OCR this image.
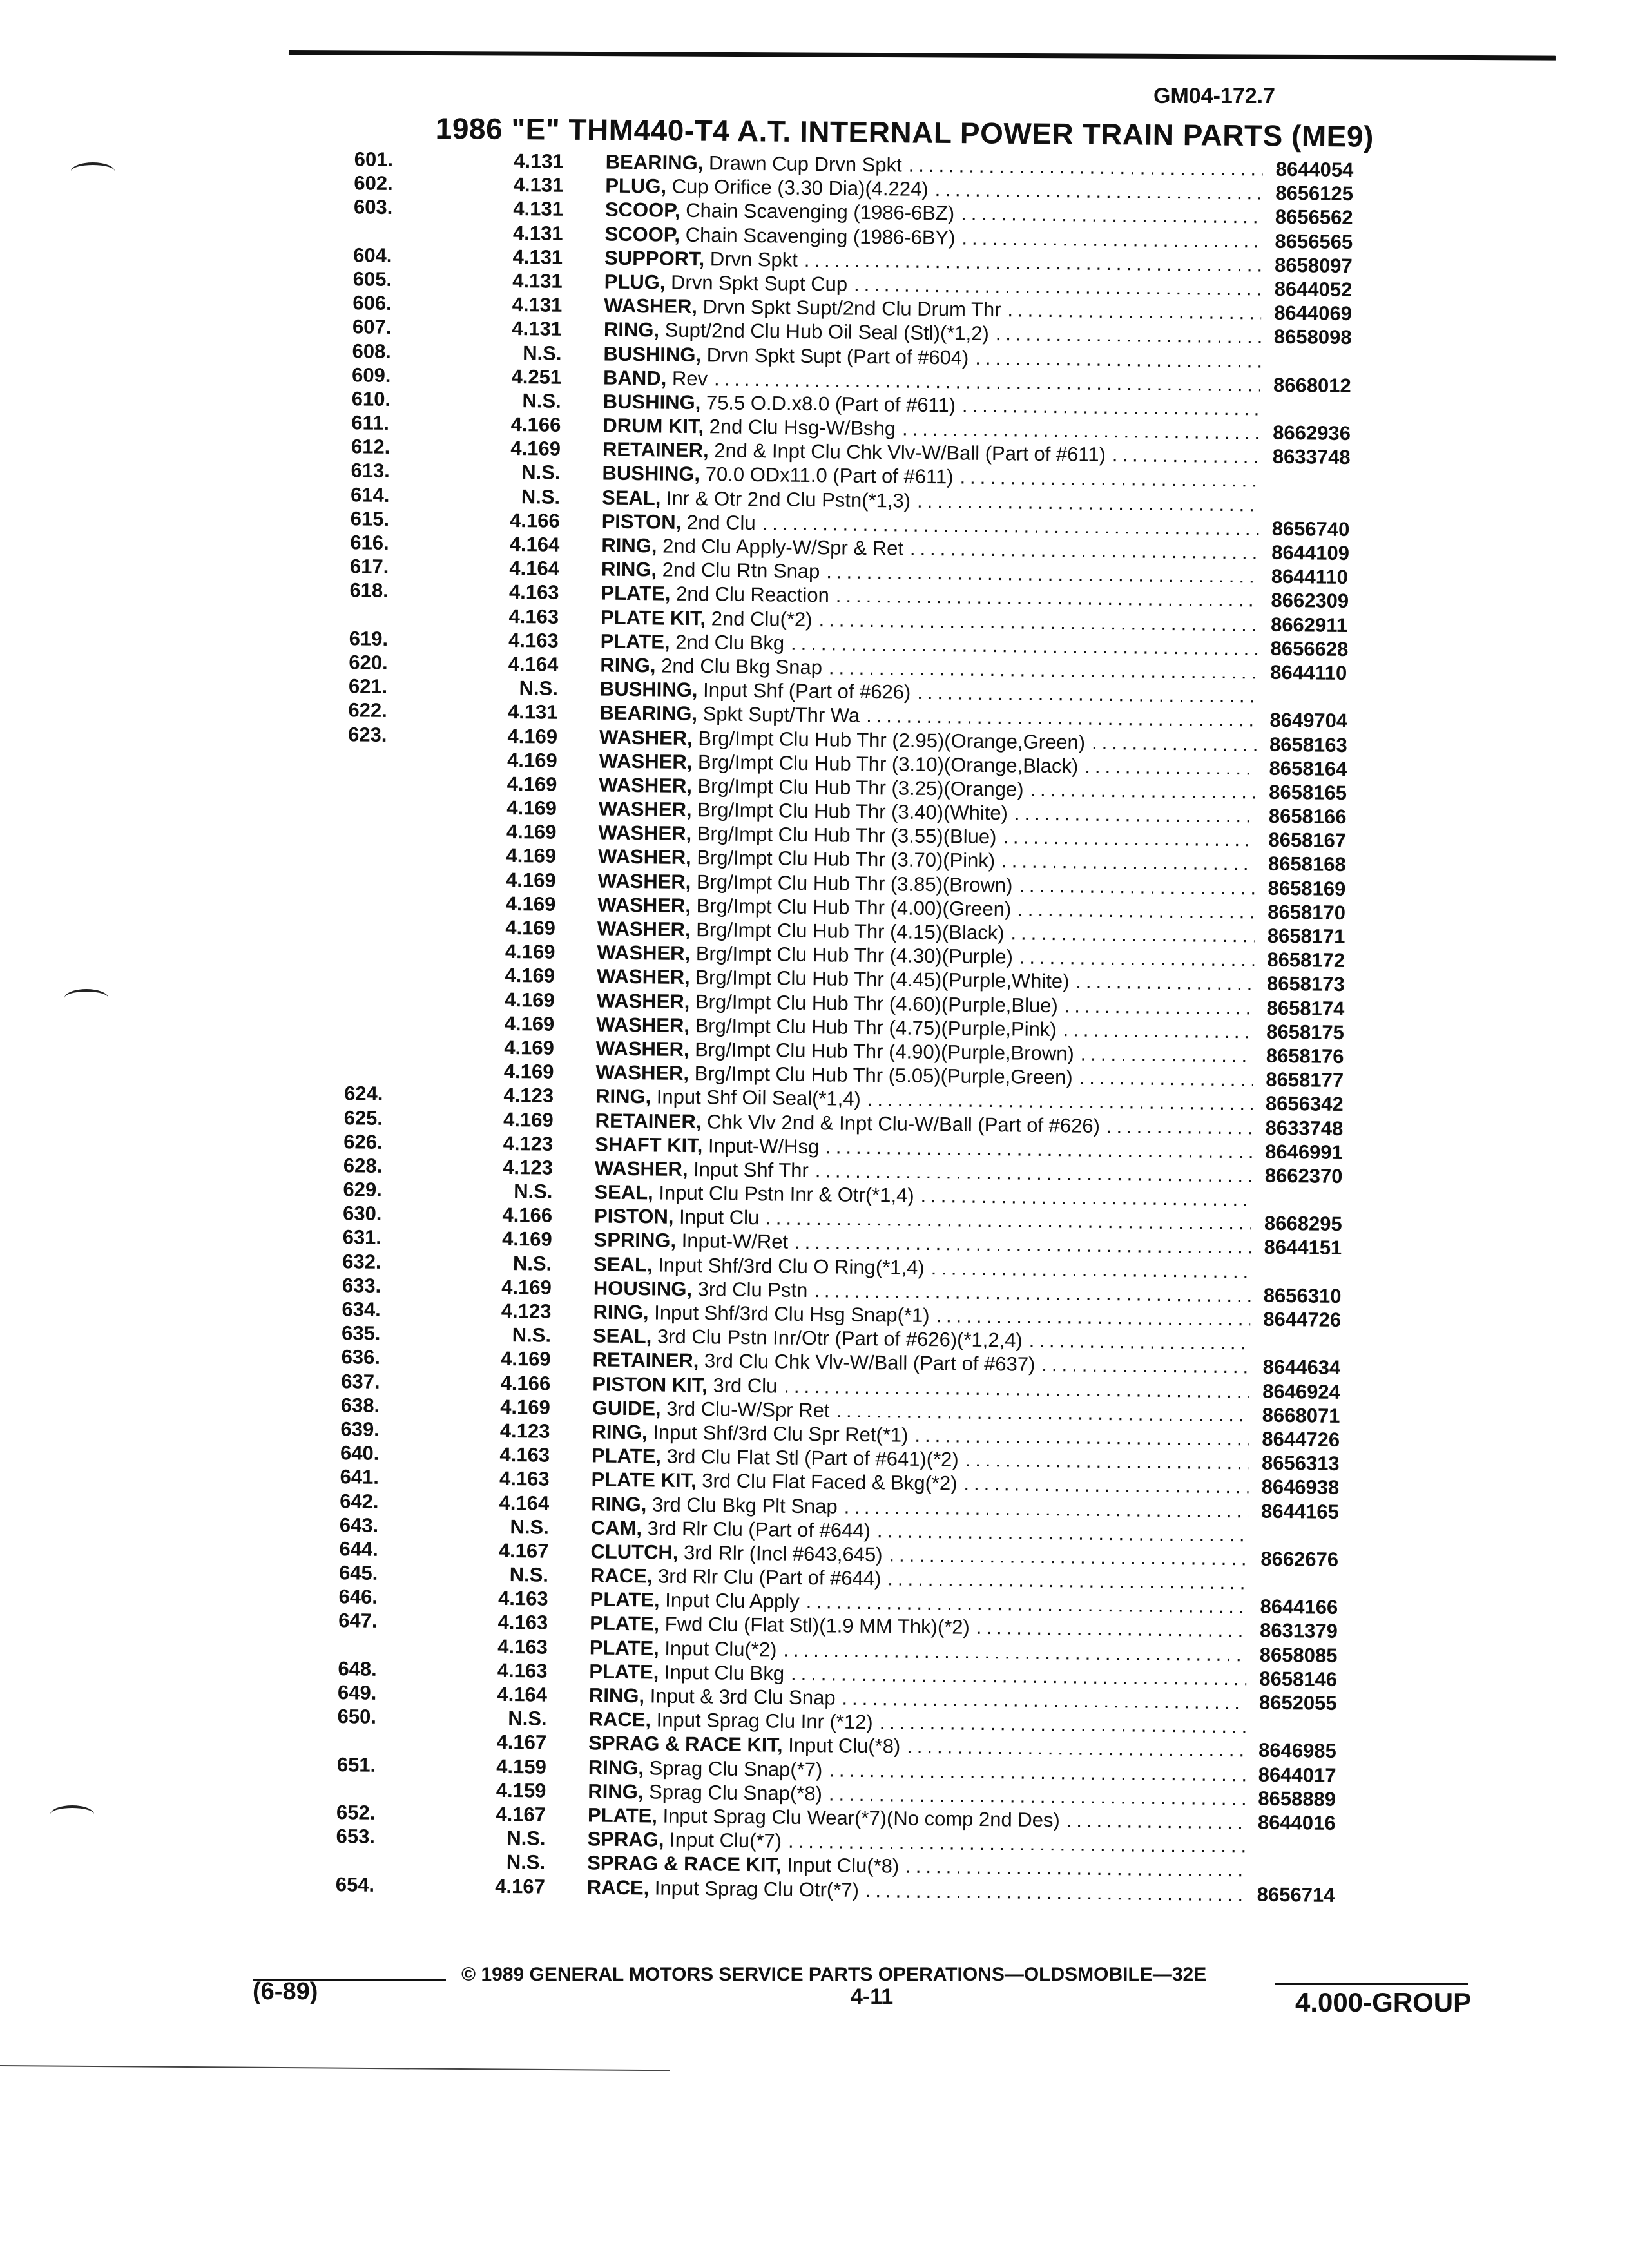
GM04-172.7
1986 "E" THM440-T4 A.T. INTERNAL POWER TRAIN PARTS (ME9)
601.	4.131 BEARING, Drawn Cup Drvn Spkt .....	8644054
602.	4.131 PLUG, Cup Orifice (3.30 Dia)(4.224) .....	8656125
603.	4.131 SCOOP, Chain Scavenging (1986-6BZ) .....	8656562
4.131 SCOOP, Chain Scavenging (1986-6BY) .....	8656565
604.	4.131 SUPPORT, Drvn Spkt .....	8658097
605.	4.131 PLUG, Drvn Spkt Supt Cup .....	8644052
606.	4.131 WASHER, Drvn Spkt Supt/2nd Clu Drum Thr .....	8644069
607.	4.131 RING, Supt/2nd Clu Hub Oil Seal (Stl)(*1,2) .....	8658098
608.	N.S. BUSHING, Drvn Spkt Supt (Part of #604)
.....
609.	4.251 BAND, Rev .....	8668012
610.	N.S. BUSHING, 75.5 O.D.x8.0 (Part of #611)
.....
611.	4.166 DRUM KIT, 2nd Clu Hsg-W/Bshg .....	8662936
612.	4.169 RETAINER, 2nd & Inpt Clu Chk Vlv-W/Ball (Part of #611) .....	8633748
613.	N.S. BUSHING, 70.0 ODx11.0 (Part of #611)
.....
614.	N.S. SEAL, Inr & Otr 2nd Clu Pstn(*1,3)
.....
615.	4.166 PISTON, 2nd Clu .....	8656740
616.	4.164 RING, 2nd Clu Apply-W/Spr & Ret .....	8644109
617.	4.164 RING, 2nd Clu Rtn Snap .....	8644110
618.	4.163 PLATE, 2nd Clu Reaction .....	8662309
4.163 PLATE KIT, 2nd Clu(*2) .....	8662911
619.	4.163 PLATE, 2nd Clu Bkg .....	8656628
620.	4.164 RING, 2nd Clu Bkg Snap .....	8644110
621.	N.S. BUSHING, Input Shf (Part of #626)
.....
622.	4.131 BEARING, Spkt Supt/Thr Wa .....	8649704
623.	4.169 WASHER, Brg/Impt Clu Hub Thr (2.95)(Orange,Green) .....	8658163
4.169 WASHER, Brg/Impt Clu Hub Thr (3.10)(Orange,Black) .....	8658164
4.169 WASHER, Brg/Impt Clu Hub Thr (3.25)(Orange) .....	8658165
4.169 WASHER, Brg/Impt Clu Hub Thr (3.40)(White) .....	8658166
4.169 WASHER, Brg/Impt Clu Hub Thr (3.55)(Blue) .....	8658167
4.169 WASHER, Brg/Impt Clu Hub Thr (3.70)(Pink) .....	8658168
4.169 WASHER, Brg/Impt Clu Hub Thr (3.85)(Brown) .....	8658169
4.169 WASHER, Brg/Impt Clu Hub Thr (4.00)(Green) .....	8658170
4.169 WASHER, Brg/Impt Clu Hub Thr (4.15)(Black) .....	8658171
4.169 WASHER, Brg/Impt Clu Hub Thr (4.30)(Purple) .....	8658172
4.169 WASHER, Brg/Impt Clu Hub Thr (4.45)(Purple,White) .....	8658173
4.169 WASHER, Brg/Impt Clu Hub Thr (4.60)(Purple,Blue) .....	8658174
4.169 WASHER, Brg/Impt Clu Hub Thr (4.75)(Purple,Pink) .....	8658175
4.169 WASHER, Brg/Impt Clu Hub Thr (4.90)(Purple,Brown) .....	8658176
4.169 WASHER, Brg/Impt Clu Hub Thr (5.05)(Purple,Green) .....	8658177
624.	4.123 RING, Input Shf Oil Seal(*1,4) .....	8656342
625.	4.169 RETAINER, Chk Vlv 2nd & Inpt Clu-W/Ball (Part of #626) .....	8633748
626.	4.123 SHAFT KIT, Input-W/Hsg .....	8646991
628.	4.123 WASHER, Input Shf Thr .....	8662370
629.	N.S. SEAL, Input Clu Pstn Inr & Otr(*1,4)
.....
630.	4.166 PISTON, Input Clu .....	8668295
631.	4.169 SPRING, Input-W/Ret .....	8644151
632.	N.S. SEAL, Input Shf/3rd Clu O Ring(*1,4)
.....
633.	4.169 HOUSING, 3rd Clu Pstn .....	8656310
634.	4.123 RING, Input Shf/3rd Clu Hsg Snap(*1) .....	8644726
635.	N.S. SEAL, 3rd Clu Pstn Inr/Otr (Part of #626)(*1,2,4)
.....
636.	4.169 RETAINER, 3rd Clu Chk Vlv-W/Ball (Part of #637) .....	8644634
637.	4.166 PISTON KIT, 3rd Clu .....	8646924
638.	4.169 GUIDE, 3rd Clu-W/Spr Ret .....	8668071
639.	4.123 RING, Input Shf/3rd Clu Spr Ret(*1) .....	8644726
640.	4.163 PLATE, 3rd Clu Flat Stl (Part of #641)(*2) .....	8656313
641.	4.163 PLATE KIT, 3rd Clu Flat Faced & Bkg(*2) .....	8646938
642.	4.164 RING, 3rd Clu Bkg Plt Snap .....	8644165
643.	N.S. CAM, 3rd Rlr Clu (Part of #644)
.....
644.	4.167 CLUTCH, 3rd Rlr (Incl #643,645) .....	8662676
645.	N.S. RACE, 3rd Rlr Clu (Part of #644)
.....
646.	4.163 PLATE, Input Clu Apply .....	8644166
647.	4.163 PLATE, Fwd Clu (Flat Stl)(1.9 MM Thk)(*2) .....	8631379
4.163 PLATE, Input Clu(*2) .....	8658085
648.	4.163 PLATE, Input Clu Bkg .....	8658146
649.	4.164 RING, Input & 3rd Clu Snap .....	8652055
650.	N.S. RACE, Input Sprag Clu Inr (*12)
.....
4.167 SPRAG & RACE KIT, Input Clu(*8) .....	8646985
651.	4.159 RING, Sprag Clu Snap(*7) .....	8644017
4.159 RING, Sprag Clu Snap(*8) .....	8658889
652.	4.167 PLATE, Input Sprag Clu Wear(*7)(No comp 2nd Des) .....	8644016
653.	N.S. SPRAG, Input Clu(*7)
.....
N.S. SPRAG & RACE KIT, Input Clu(*8)
.....
654.	4.167 RACE, Input Sprag Clu Otr(*7) .....	8656714
© 1989 GENERAL MOTORS SERVICE PARTS OPERATIONS—OLDSMOBILE—32E
(6-89)	4-11	4.000-GROUP
